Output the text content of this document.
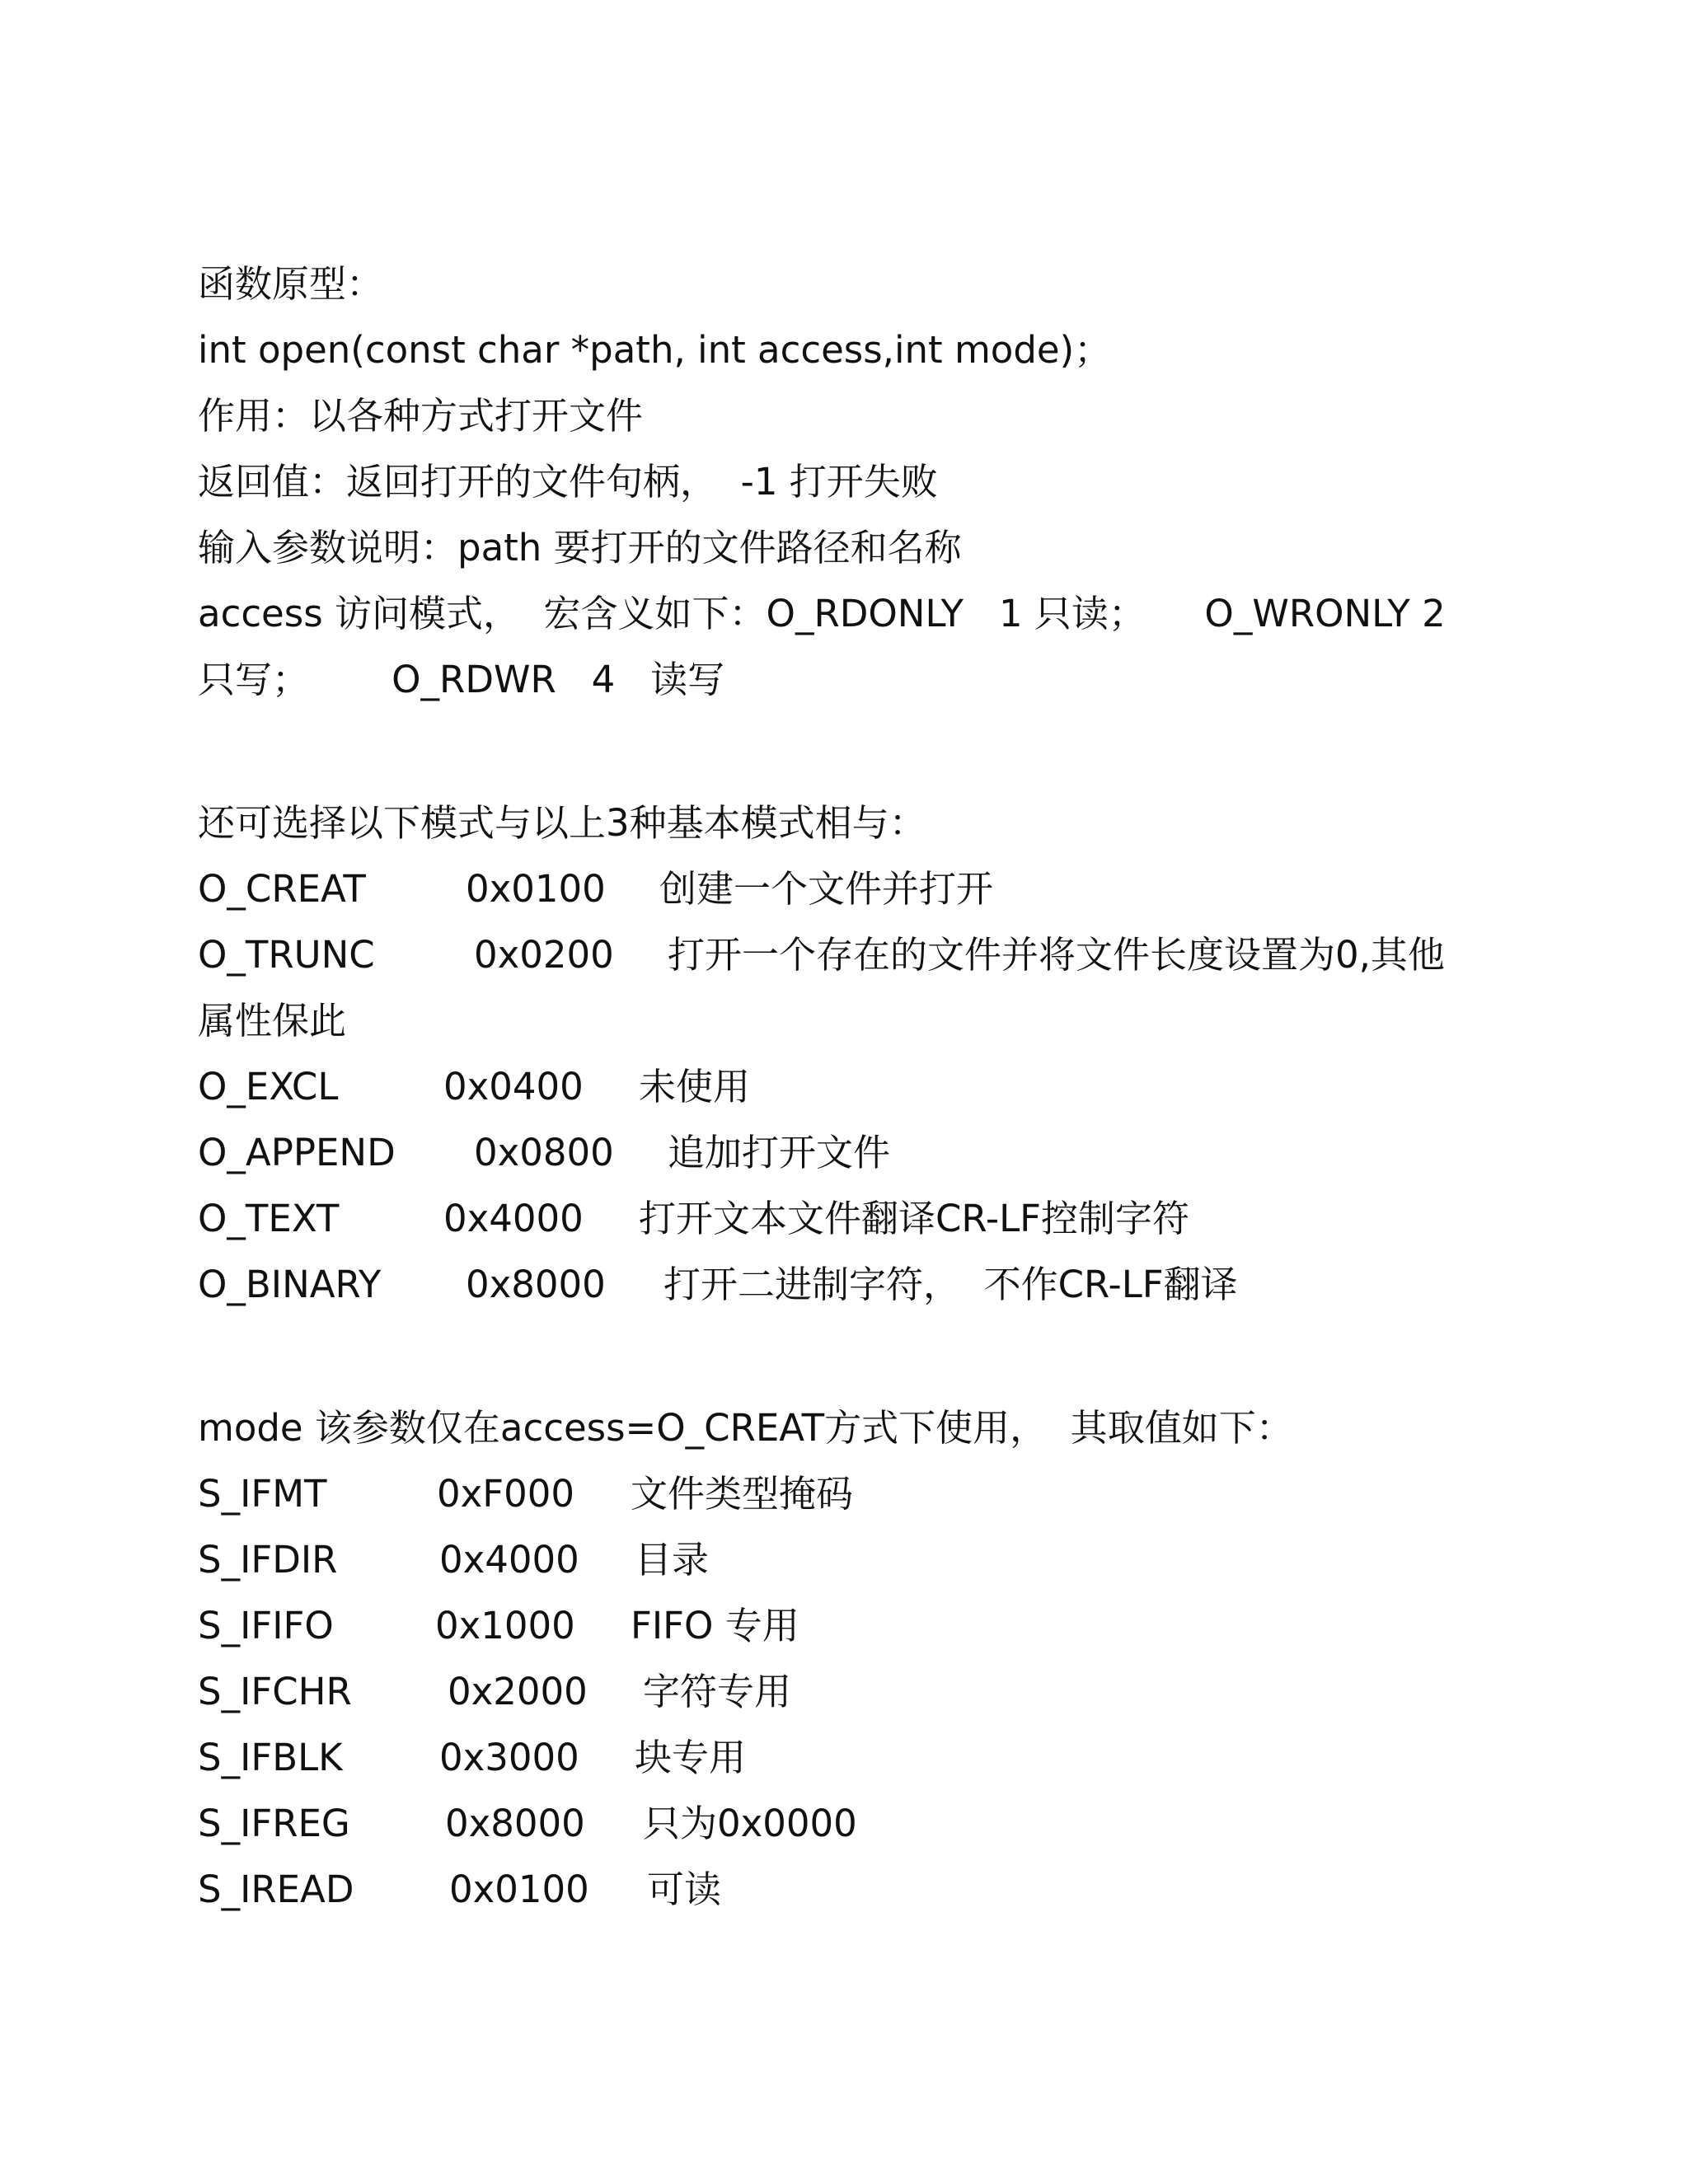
函数原型：
int open(const char *path, int access,int mode)；
作用：以各种方式打开文件
返回值：返回打开的文件句柄，  -1 打开失败
输入参数说明：path 要打开的文件路径和名称
access 访问模式，  宏含义如下：O_RDONLY   1 只读；     O_WRONLY 2
只写；       O_RDWR   4   读写
还可选择以下模式与以上3种基本模式相与：
O_CREAT	0x0100 创建一个文件并打开
O_TRUNC	0x0200 打开一个存在的文件并将文件长度设置为0,其他
属性保此
O_EXCL	0x0400 未使用
O_APPEND 0x0800 追加打开文件
O_TEXT	0x4000 打开文本文件翻译CR-LF控制字符
O_BINARY 0x8000 打开二进制字符，  不作CR-LF翻译
mode 该参数仅在access=O_CREAT方式下使用，  其取值如下：
S_IFMT	0xF000 文件类型掩码
S_IFDIR	0x4000 目录
S_IFIFO	0x1000 FIFO 专用
S_IFCHR	0x2000 字符专用
S_IFBLK	0x3000 块专用
S_IFREG	0x8000 只为0x0000
S_IREAD	0x0100 可读
